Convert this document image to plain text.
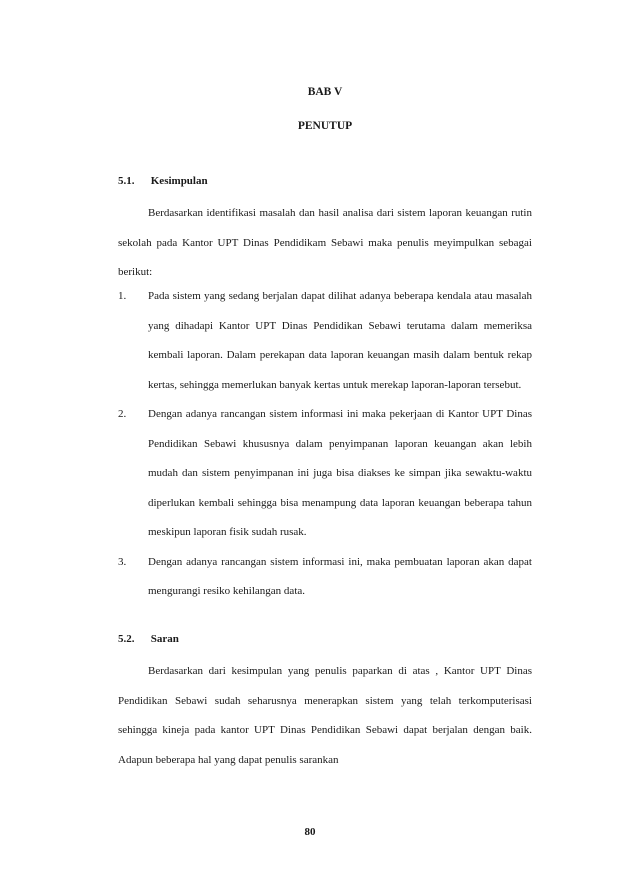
BAB V
PENUTUP
5.1. Kesimpulan

Berdasarkan identifikasi masalah dan hasil analisa dari sistem laporan keuangan rutin sekolah pada Kantor UPT Dinas Pendidikam Sebawi maka penulis meyimpulkan sebagai berikut:

1. Pada sistem yang sedang berjalan dapat dilihat adanya beberapa kendala atau masalah yang dihadapi Kantor UPT Dinas Pendidikan Sebawi terutama dalam memeriksa kembali laporan. Dalam perekapan data laporan keuangan masih dalam bentuk rekap kertas, sehingga memerlukan banyak kertas untuk merekap laporan-laporan tersebut.
2. Dengan adanya rancangan sistem informasi ini maka pekerjaan di Kantor UPT Dinas Pendidikan Sebawi khususnya dalam penyimpanan laporan keuangan akan lebih mudah dan sistem penyimpanan ini juga bisa diakses ke simpan jika sewaktu-waktu diperlukan kembali sehingga bisa menampung data laporan keuangan beberapa tahun meskipun laporan fisik sudah rusak.
3. Dengan adanya rancangan sistem informasi ini, maka pembuatan laporan akan dapat mengurangi resiko kehilangan data.
5.2. Saran

Berdasarkan dari kesimpulan yang penulis paparkan di atas , Kantor UPT Dinas Pendidikan Sebawi sudah seharusnya menerapkan sistem yang telah terkomputerisasi sehingga kineja pada kantor UPT Dinas Pendidikan Sebawi dapat berjalan dengan baik. Adapun beberapa hal yang dapat penulis sarankan

80
